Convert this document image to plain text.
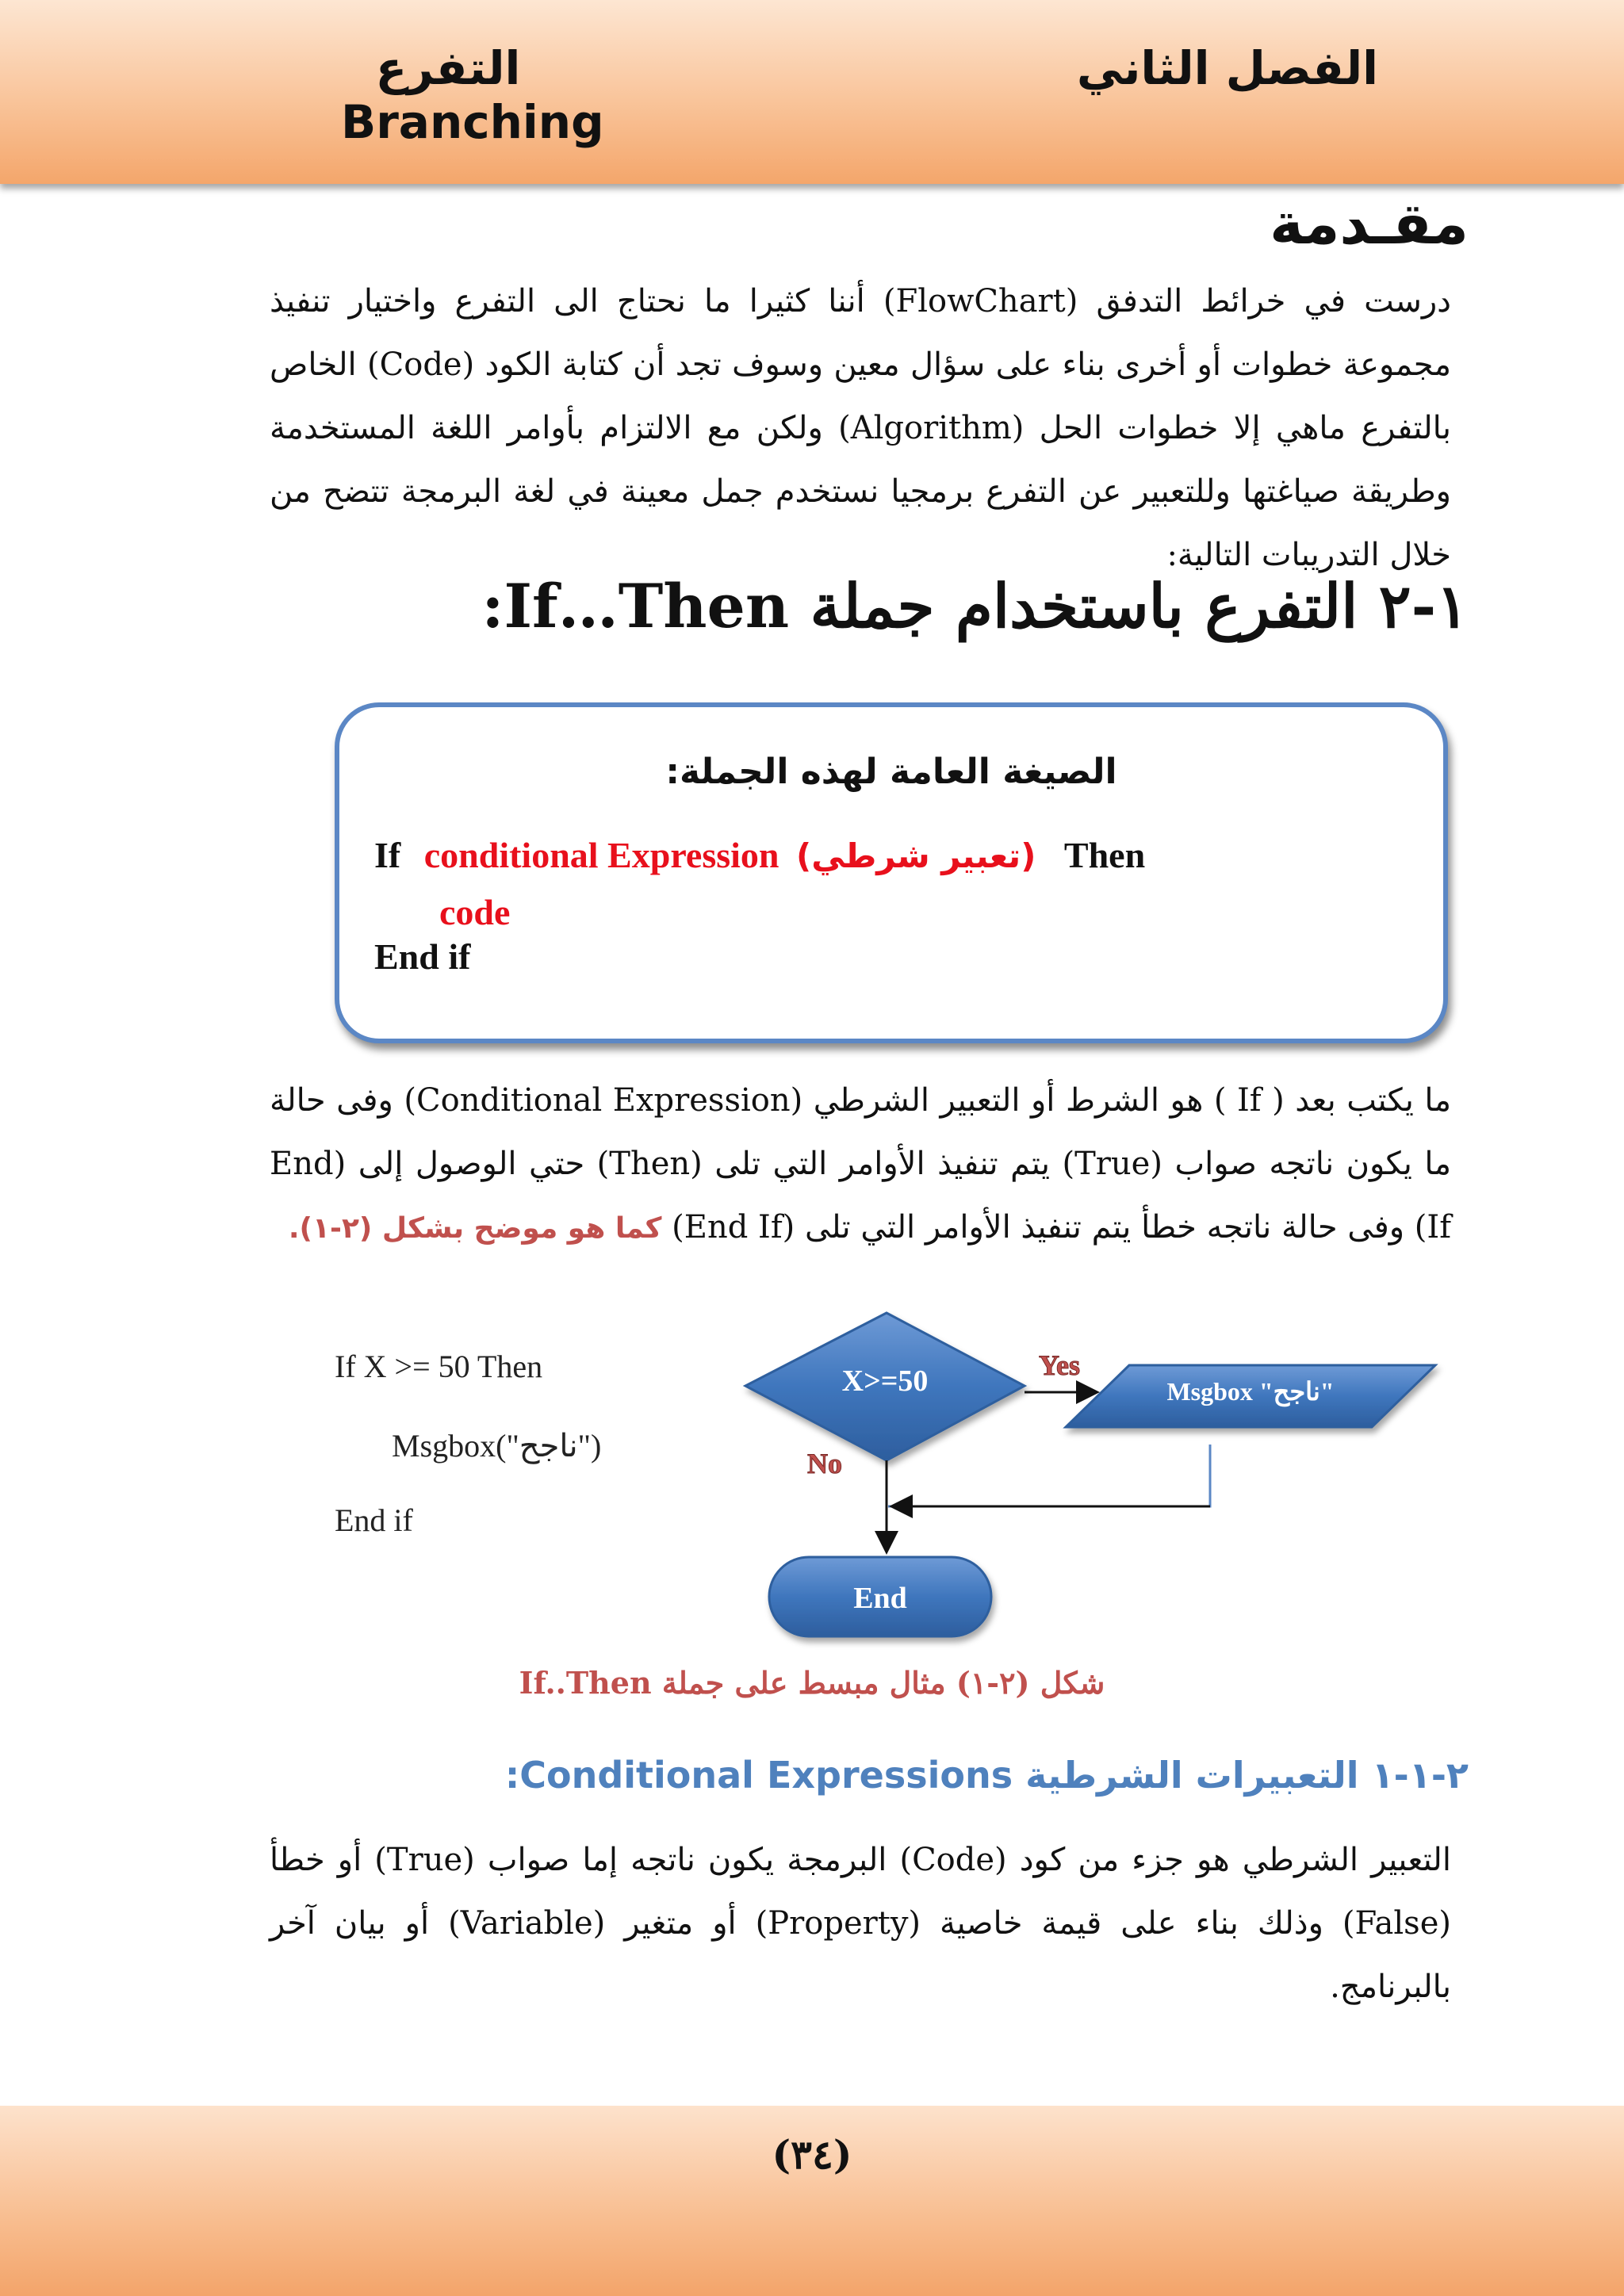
الفصل الثاني
التفرع
Branching
مقـدمة
درست في خرائط التدفق (FlowChart) أننا كثيرا ما نحتاج الى التفرع واختيار تنفيذ مجموعة خطوات أو أخرى بناء على سؤال معين وسوف تجد أن كتابة الكود (Code) الخاص بالتفرع ماهي إلا خطوات الحل (Algorithm) ولكن مع الالتزام بأوامر اللغة المستخدمة وطريقة صياغتها وللتعبير عن التفرع برمجيا نستخدم جمل معينة في لغة البرمجة تتضح من خلال التدريبات التالية:
١-٢ التفرع باستخدام جملة If…Then:
الصيغة العامة لهذه الجملة:
If conditional Expression (تعبير شرطي) Then
code
End if
ما يكتب بعد ( If ) هو الشرط أو التعبير الشرطي (Conditional Expression) وفى حالة ما يكون ناتجه صواب (True) يتم تنفيذ الأوامر التي تلى (Then) حتي الوصول إلى (End If) وفى حالة ناتجه خطأ يتم تنفيذ الأوامر التي تلى (End If) كما هو موضح بشكل (٢-١).
If X >= 50 Then
Msgbox("ناجح")
End if
X>=50	Yes
Msgbox "ناجح"
No
End
شكل (٢-١) مثال مبسط على جملة If..Then
٢-١-١ التعبيرات الشرطية Conditional Expressions:
التعبير الشرطي هو جزء من كود (Code) البرمجة يكون ناتجه إما صواب (True) أو خطأ (False) وذلك بناء على قيمة خاصية (Property) أو متغير (Variable) أو بيان آخر بالبرنامج.
(٣٤)
